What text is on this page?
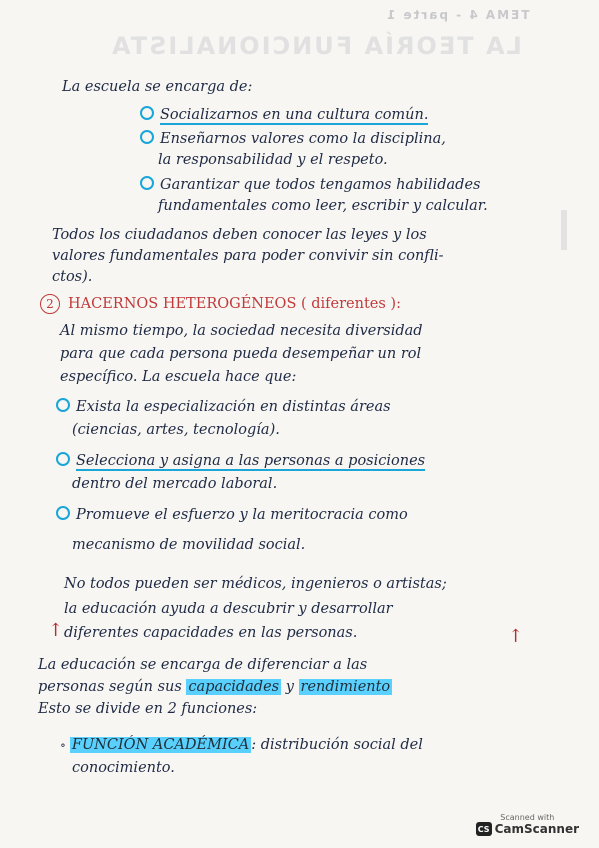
TEMA 4 - parte 1
LA TEORÍA FUNCIONALISTA
La escuela se encarga de:
Socializarnos en una cultura común.
Enseñarnos valores como la disciplina,
la responsabilidad y el respeto.
Garantizar que todos tengamos habilidades
fundamentales como leer, escribir y calcular.
Todos los ciudadanos deben conocer las leyes y los
valores fundamentales para poder convivir sin confli-
ctos).
2 HACERNOS HETEROGÉNEOS ( diferentes ):
Al mismo tiempo, la sociedad necesita diversidad
para que cada persona pueda desempeñar un rol
específico. La escuela hace que:
Exista la especialización en distintas áreas
(ciencias, artes, tecnología).
Selecciona y asigna a las personas a posiciones
dentro del mercado laboral.
Promueve el esfuerzo y la meritocracia como
mecanismo de movilidad social.
No todos pueden ser médicos, ingenieros o artistas;
la educación ayuda a descubrir y desarrollar
diferentes capacidades en las personas.
↑	↑
La educación se encarga de diferenciar a las
personas según sus capacidades y rendimiento
Esto se divide en 2 funciones:
∘ FUNCIÓN ACADÉMICA : distribución social del
conocimiento.
Scanned with
CS CamScanner
